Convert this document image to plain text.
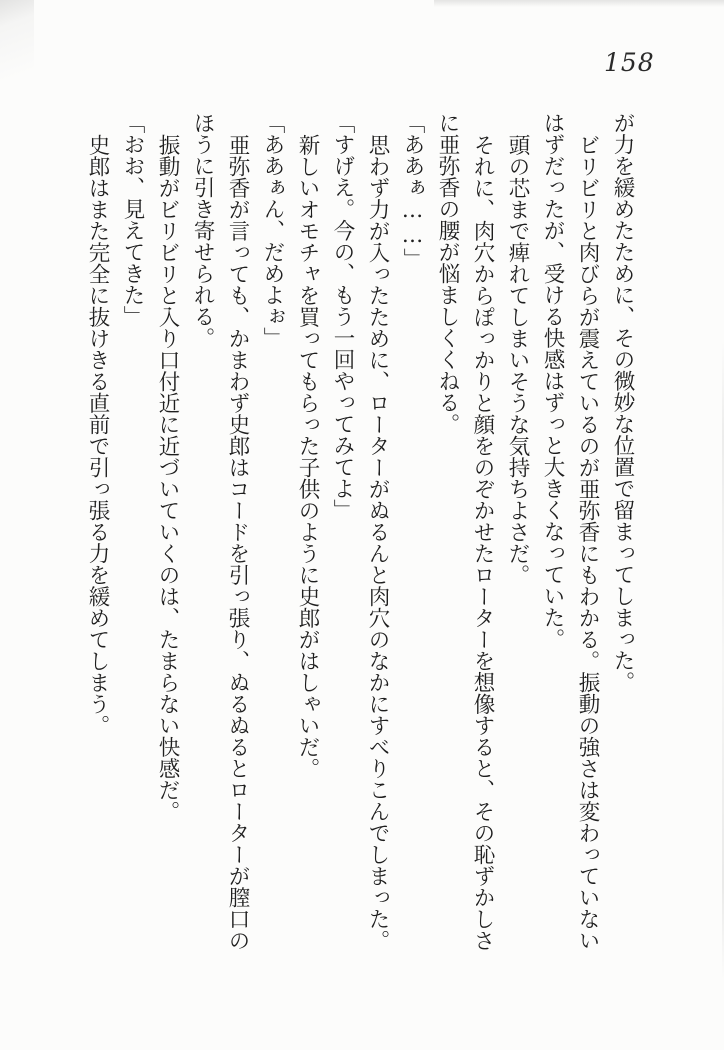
158

が力を緩めたために、その微妙な位置で留まってしまった。

ビリビリと肉びらが震えているのが亜弥香にもわかる。振動の強さは変わっていないはずだったが、受ける快感はずっと大きくなっていた。

頭の芯まで痺れてしまいそうな気持ちよさだ。

それに、肉穴からぽっかりと顔をのぞかせたローターを想像すると、その恥ずかしさに亜弥香の腰が悩ましくくねる。

「ああぁ……」

思わず力が入ったために、ローターがぬるんと肉穴のなかにすべりこんでしまった。

「すげえ。今の、もう一回やってみてよ」

新しいオモチャを買ってもらった子供のように史郎がはしゃいだ。

「ああぁん、だめよぉ」

亜弥香が言っても、かまわず史郎はコードを引っ張り、ぬるぬるとローターが膣口のほうに引き寄せられる。

振動がビリビリと入り口付近に近づいていくのは、たまらない快感だ。

「おお、見えてきた」

史郎はまた完全に抜けきる直前で引っ張る力を緩めてしまう。
